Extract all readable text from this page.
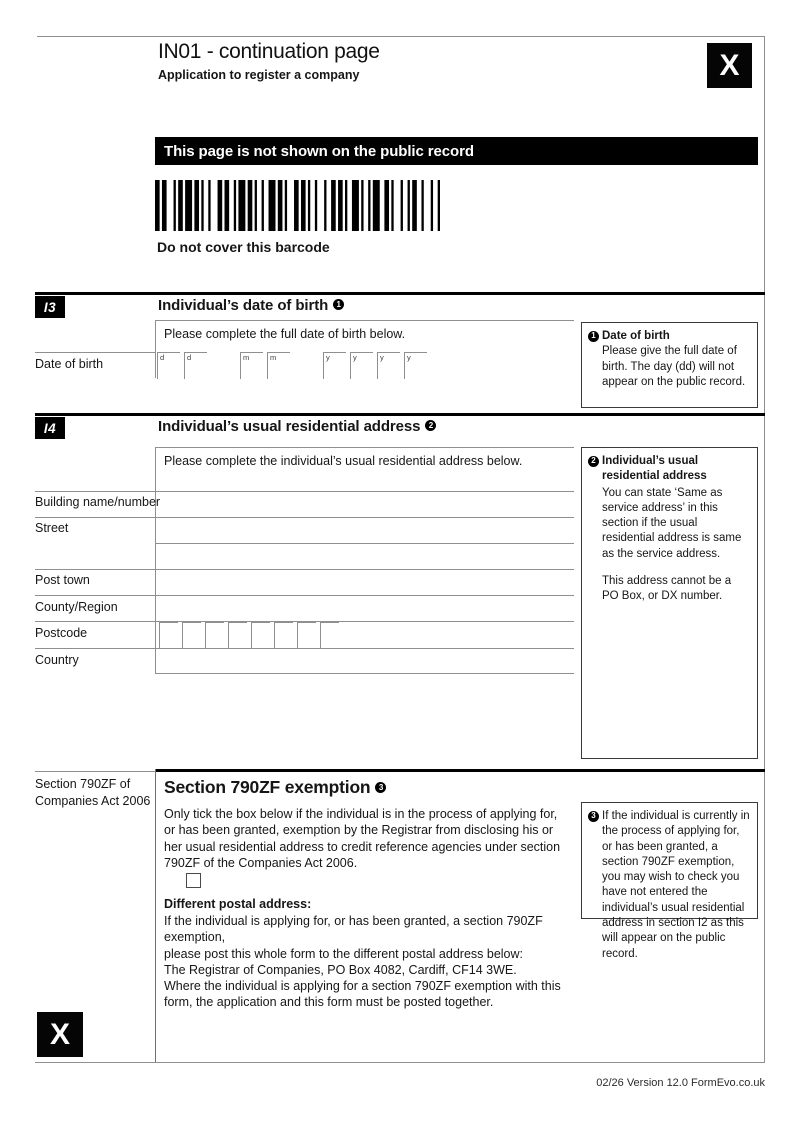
IN01 - continuation page
Application to register a company	X
This page is not shown on the public record
Do not cover this barcode
I3	Individual’s date of birth 1
Please complete the full date of birth below.
Date of birth	d	d	m	m	y	y	y	y
1 Date of birth
Please give the full date of birth. The day (dd) will not appear on the public record.
I4	Individual’s usual residential address 2
Please complete the individual’s usual residential address below.
Building name/number
Street
Post town
County/Region
Postcode
Country
2 Individual’s usual residential address
You can state ‘Same as service address’ in this section if the usual residential address is same as the service address.
This address cannot be a PO Box, or DX number.
Section 790ZF of
Companies Act 2006
Section 790ZF exemption 3
Only tick the box below if the individual is in the process of applying for, or has been granted, exemption by the Registrar from disclosing his or her usual residential address to credit reference agencies under section 790ZF of the Companies Act 2006.
Different postal address:
If the individual is applying for, or has been granted, a section 790ZF exemption,
please post this whole form to the different postal address below:
The Registrar of Companies, PO Box 4082, Cardiff, CF14 3WE.
Where the individual is applying for a section 790ZF exemption with this form, the application and this form must be posted together.
3 If the individual is currently in the process of applying for, or has been granted, a section 790ZF exemption, you may wish to check you have not entered the individual’s usual residential address in section I2 as this will appear on the public record.
X
02/26 Version 12.0 FormEvo.co.uk
